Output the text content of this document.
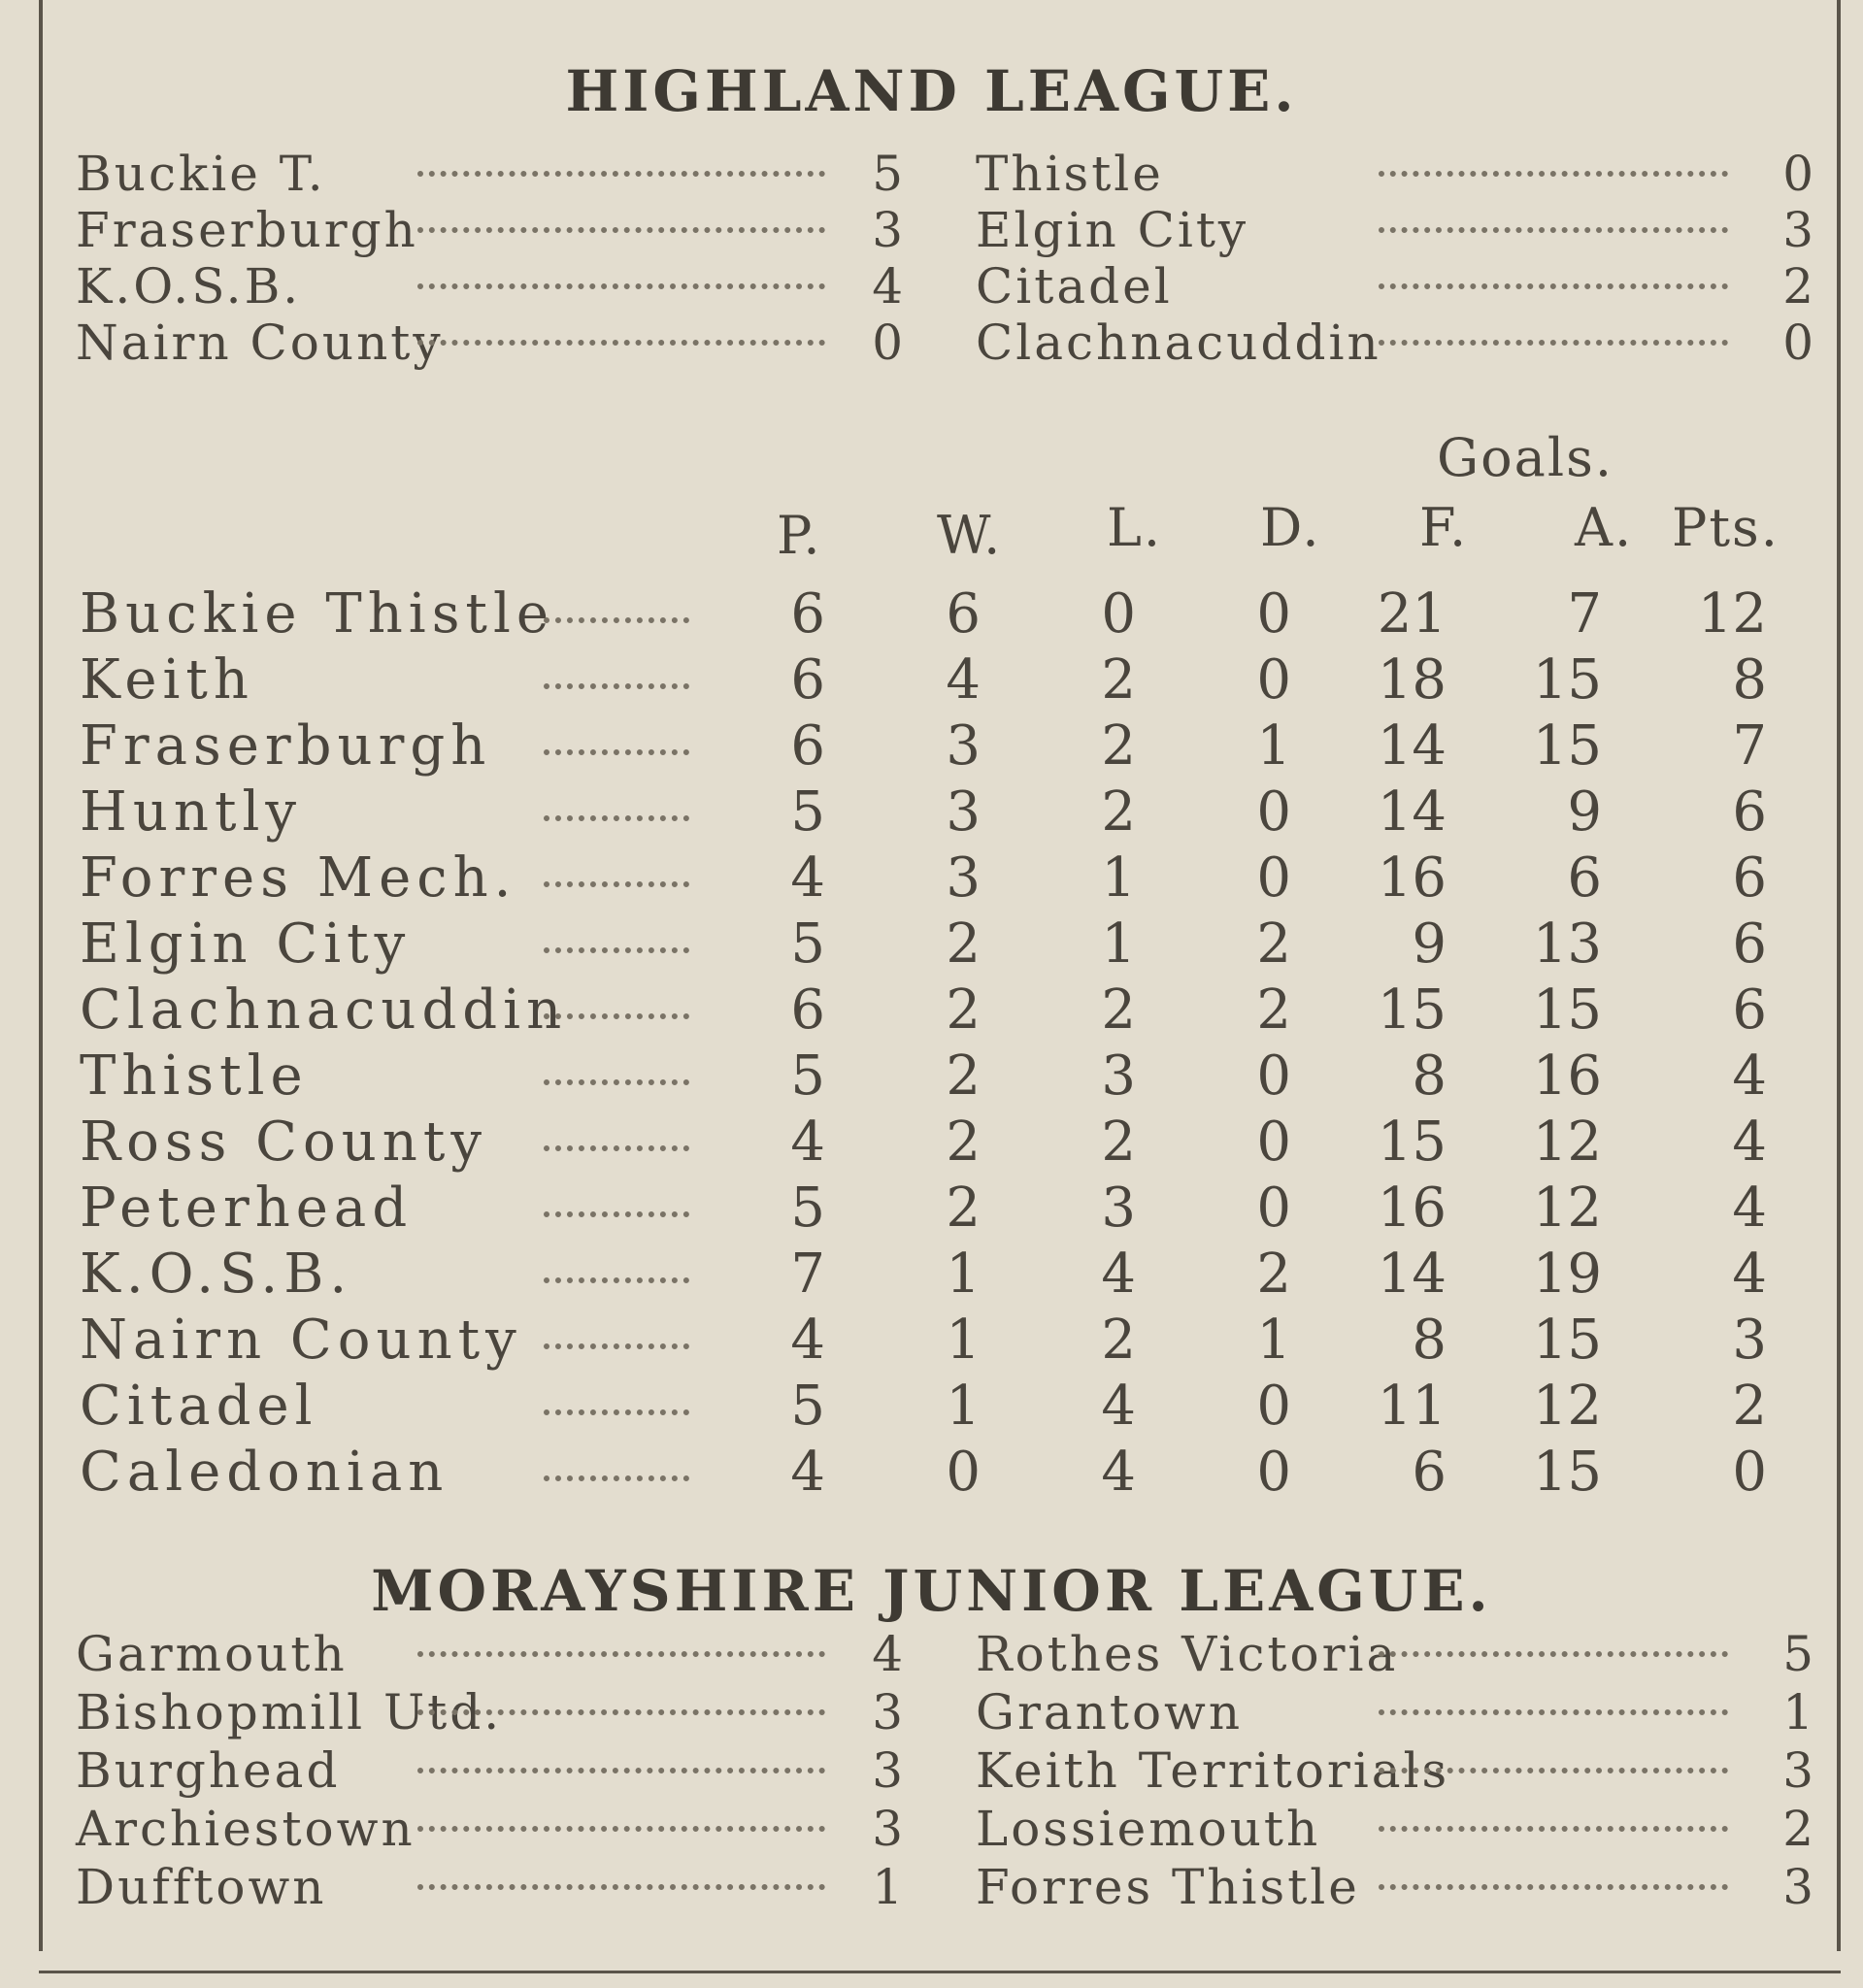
HIGHLAND LEAGUE.
Buckie T.	5 Thistle	0
Fraserburgh	3 Elgin City	3
K.O.S.B.	4 Citadel	2
Nairn County	0 Clachnacuddin	0
Goals.
P. W. L. D. F. A. Pts.
Buckie Thistle	6	6	0	0	21	7	12
Keith	6	4	2	0	18	15	8
Fraserburgh	6	3	2	1	14	15	7
Huntly	5	3	2	0	14	9	6
Forres Mech.	4	3	1	0	16	6	6
Elgin City	5	2	1	2	9	13	6
Clachnacuddin	6	2	2	2	15	15	6
Thistle	5	2	3	0	8	16	4
Ross County	4	2	2	0	15	12	4
Peterhead	5	2	3	0	16	12	4
K.O.S.B.	7	1	4	2	14	19	4
Nairn County	4	1	2	1	8	15	3
Citadel	5	1	4	0	11	12	2
Caledonian	4	0	4	0	6	15	0
MORAYSHIRE JUNIOR LEAGUE.
Garmouth	4 Rothes Victoria	5
Bishopmill Utd.	3 Grantown	1
Burghead	3 Keith Territorials	3
Archiestown	3 Lossiemouth	2
Dufftown	1 Forres Thistle	3
